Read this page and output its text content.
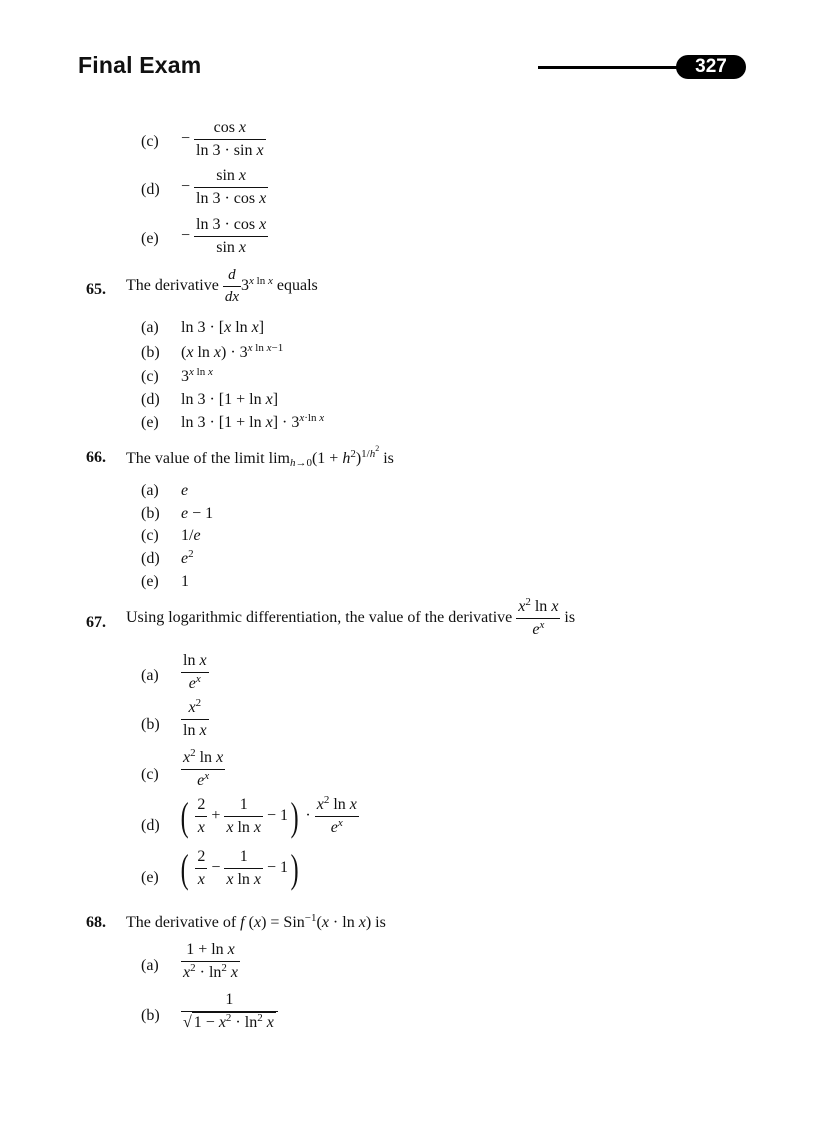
Final Exam	327
$(c) - \frac{\text{cos x}}{\text{ln 3 · sin x}}$
$(d) - \frac{\text{sin x}}{\text{ln 3 · cos x}}$
$(e) - \frac{\text{ln 3 · cos x}}{\text{sin x}}$
65. The derivative $\frac{d}{dx} 3^{x ln x}$ equals
(a) ln 3 · [x ln x]
(b) (x $\ln x) \cdot 3^{x ln x-1}$
(c) $3^{x ln x}$
(d) ln 3 · [1 + ln x]
(e) $\ln 3 \cdot [1 + \ln x] \cdot 3^{x\cdot ln x}$
66. The value of the limit $\lim_{h\to 0}(1 + h^2)^{1/h^2}$ is
(a) e
(b) e − 1
(c) 1/e
(d) $e^2$
(e) 1
67. Using logarithmic differentiation, the value of the derivative $\frac{x^2 \ln x}{e^x}$ is
$(a) \frac{\text{ln x}}{e^x}$
$(b) \frac{x^2}{\text{ln x}}$
$(c) \frac{x^2 \ln x}{e^x}$
(d) ( $\frac{2}{x} + \frac{1}{\text{x ln x}} - 1) \cdot \frac{x^2 \ln x}{e^x}$
(e) ( $\frac{2}{x} - \frac{1}{\text{x ln x}} - 1$)
68. The derivative of f (x) = Sin$^{-1}$(x · ln x) is
$(a) \frac{\text{1 + ln x}}{x^2 \cdot \ln^2 x}$
$(b) \frac{1}{√ 1 - x^2 \cdot \ln^2 x}$
